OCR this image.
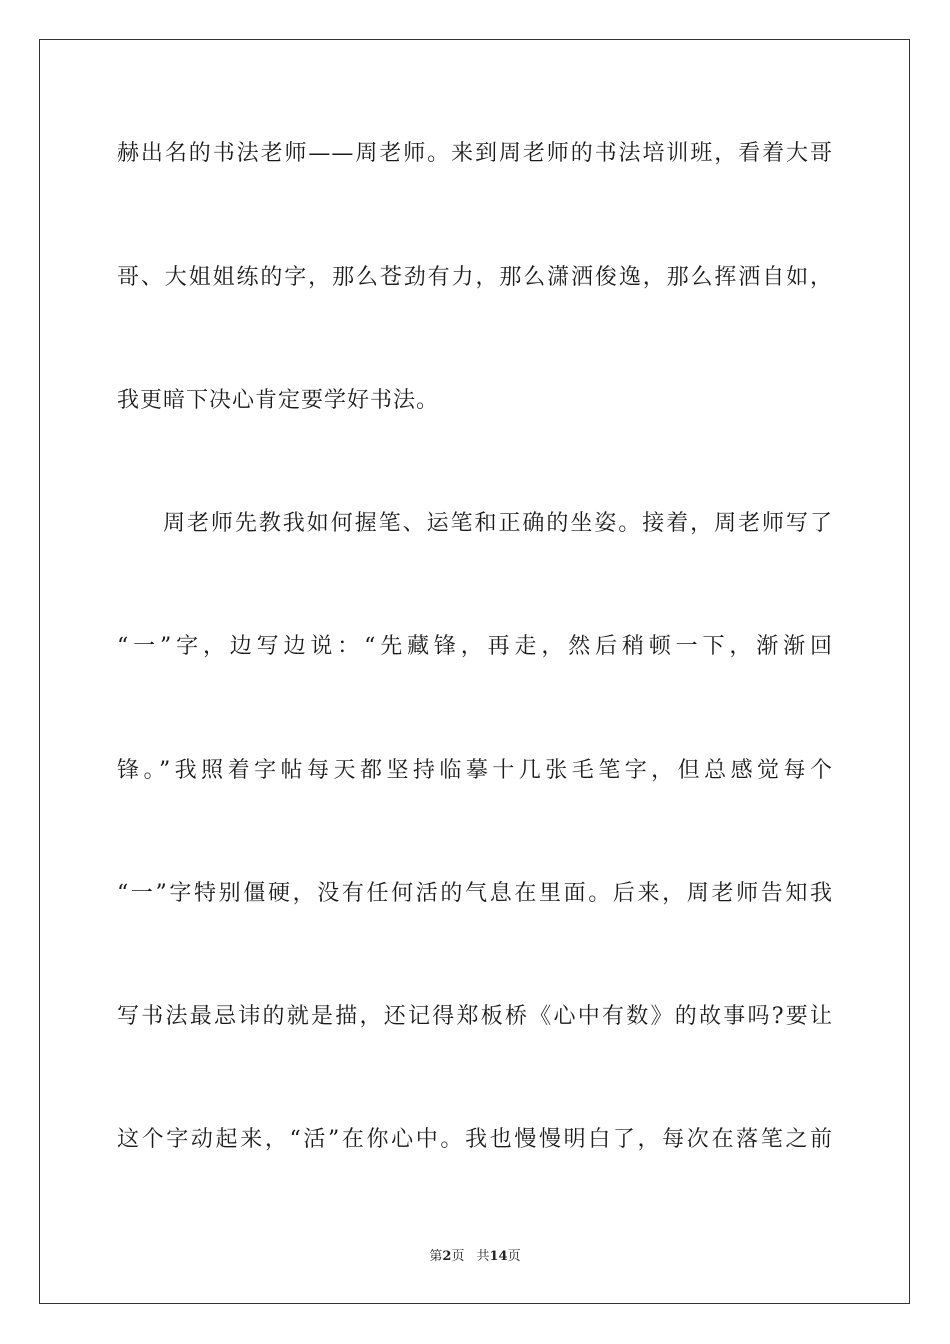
赫出名的书法老师——周老师。来到周老师的书法培训班，看着大哥
哥、大姐姐练的字，那么苍劲有力，那么潇洒俊逸，那么挥洒自如，
我更暗下决心肯定要学好书法。
周老师先教我如何握笔、运笔和正确的坐姿。接着，周老师写了
“一”字，边写边说：“先藏锋，再走，然后稍顿一下，渐渐回
锋。”我照着字帖每天都坚持临摹十几张毛笔字，但总感觉每个
“一”字特别僵硬，没有任何活的气息在里面。后来，周老师告知我
写书法最忌讳的就是描，还记得郑板桥《心中有数》的故事吗?要让
这个字动起来，“活”在你心中。我也慢慢明白了，每次在落笔之前
第2页 共14页
